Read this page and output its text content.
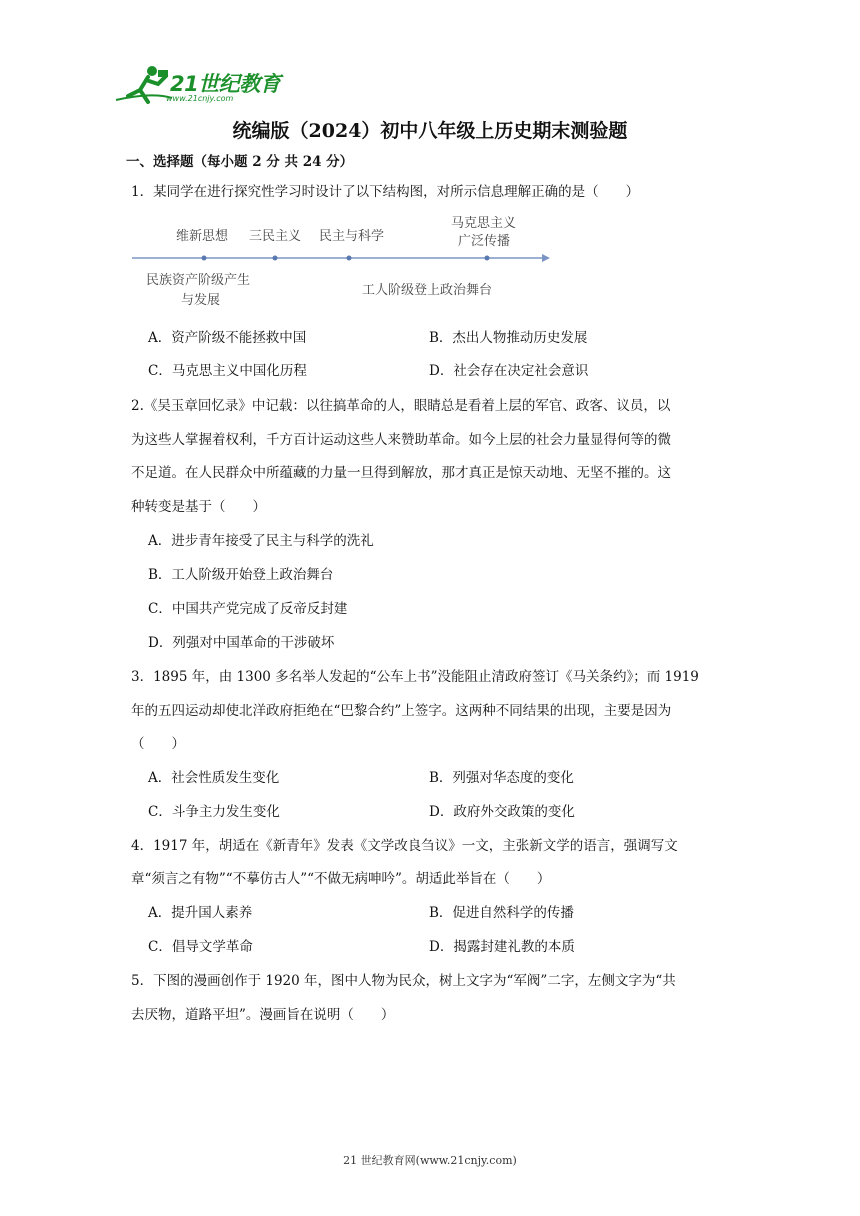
21世纪教育
www.21cnjy.com
统编版（2024）初中八年级上历史期末测验题
一、选择题（每小题 2 分 共 24 分）
1．某同学在进行探究性学习时设计了以下结构图，对所示信息理解正确的是（　　）
维新思想 三民主义 民主与科学
马克思主义
广泛传播
民族资产阶级产生
与发展
工人阶级登上政治舞台
A．资产阶级不能拯救中国	B．杰出人物推动历史发展
C．马克思主义中国化历程	D．社会存在决定社会意识
2.《吴玉章回忆录》中记载：以往搞革命的人，眼睛总是看着上层的军官、政客、议员，以
为这些人掌握着权利，千方百计运动这些人来赞助革命。如今上层的社会力量显得何等的微
不足道。在人民群众中所蕴藏的力量一旦得到解放，那才真正是惊天动地、无坚不摧的。这
种转变是基于（　　）
A．进步青年接受了民主与科学的洗礼
B．工人阶级开始登上政治舞台
C．中国共产党完成了反帝反封建
D．列强对中国革命的干涉破坏
3．1895 年，由 1300 多名举人发起的“公车上书”没能阻止清政府签订《马关条约》；而 1919
年的五四运动却使北洋政府拒绝在“巴黎合约”上签字。这两种不同结果的出现，主要是因为
（　　）
A．社会性质发生变化	B．列强对华态度的变化
C．斗争主力发生变化	D．政府外交政策的变化
4．1917 年，胡适在《新青年》发表《文学改良刍议》一文，主张新文学的语言，强调写文
章“须言之有物”“不摹仿古人”“不做无病呻吟”。胡适此举旨在（　　）
A．提升国人素养	B．促进自然科学的传播
C．倡导文学革命	D．揭露封建礼教的本质
5．下图的漫画创作于 1920 年，图中人物为民众，树上文字为“军阀”二字，左侧文字为“共
去厌物，道路平坦”。漫画旨在说明（　　）
21 世纪教育网(www.21cnjy.com)
